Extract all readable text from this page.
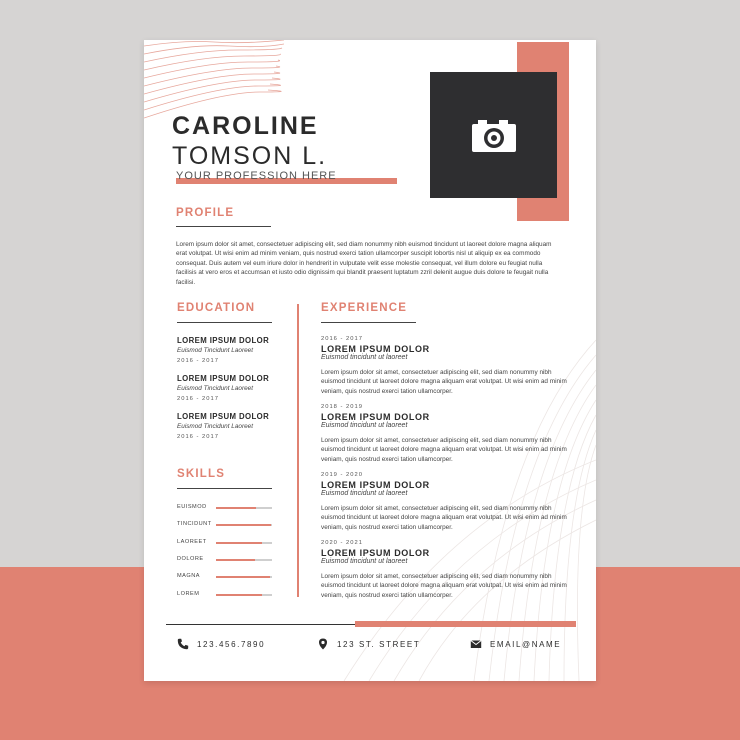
CAROLINE
TOMSON L.
YOUR PROFESSION HERE
PROFILE
Lorem ipsum dolor sit amet, consectetuer adipiscing elit, sed diam nonummy nibh euismod tincidunt ut laoreet dolore magna aliquam erat volutpat. Ut wisi enim ad minim veniam, quis nostrud exerci tation ullamcorper suscipit lobortis nisl ut aliquip ex ea commodo consequat. Duis autem vel eum iriure dolor in hendrerit in vulputate velit esse molestie consequat, vel illum dolore eu feugiat nulla facilisis at vero eros et accumsan et iusto odio dignissim qui blandit praesent luptatum zzril delenit augue duis dolore te feugait nulla facilisi.
EDUCATION
LOREM IPSUM DOLOR
Euismod Tincidunt Laoreet
2016 - 2017
LOREM IPSUM DOLOR
Euismod Tincidunt Laoreet
2016 - 2017
LOREM IPSUM DOLOR
Euismod Tincidunt Laoreet
2016 - 2017
SKILLS
EUISMOD
TINCIDUNT
LAOREET
DOLORE
MAGNA
LOREM
EXPERIENCE
2016 - 2017
LOREM IPSUM DOLOR
Euismod tincidunt ut laoreet
Lorem ipsum dolor sit amet, consectetuer adipiscing elit, sed diam nonummy nibh euismod tincidunt ut laoreet dolore magna aliquam erat volutpat. Ut wisi enim ad minim veniam, quis nostrud exerci tation ullamcorper.
2018 - 2019
LOREM IPSUM DOLOR
Euismod tincidunt ut laoreet
Lorem ipsum dolor sit amet, consectetuer adipiscing elit, sed diam nonummy nibh euismod tincidunt ut laoreet dolore magna aliquam erat volutpat. Ut wisi enim ad minim veniam, quis nostrud exerci tation ullamcorper.
2019 - 2020
LOREM IPSUM DOLOR
Euismod tincidunt ut laoreet
Lorem ipsum dolor sit amet, consectetuer adipiscing elit, sed diam nonummy nibh euismod tincidunt ut laoreet dolore magna aliquam erat volutpat. Ut wisi enim ad minim veniam, quis nostrud exerci tation ullamcorper.
2020 - 2021
LOREM IPSUM DOLOR
Euismod tincidunt ut laoreet
Lorem ipsum dolor sit amet, consectetuer adipiscing elit, sed diam nonummy nibh euismod tincidunt ut laoreet dolore magna aliquam erat volutpat. Ut wisi enim ad minim veniam, quis nostrud exerci tation ullamcorper.
123.456.7890	123 ST. STREET	EMAIL@NAME
